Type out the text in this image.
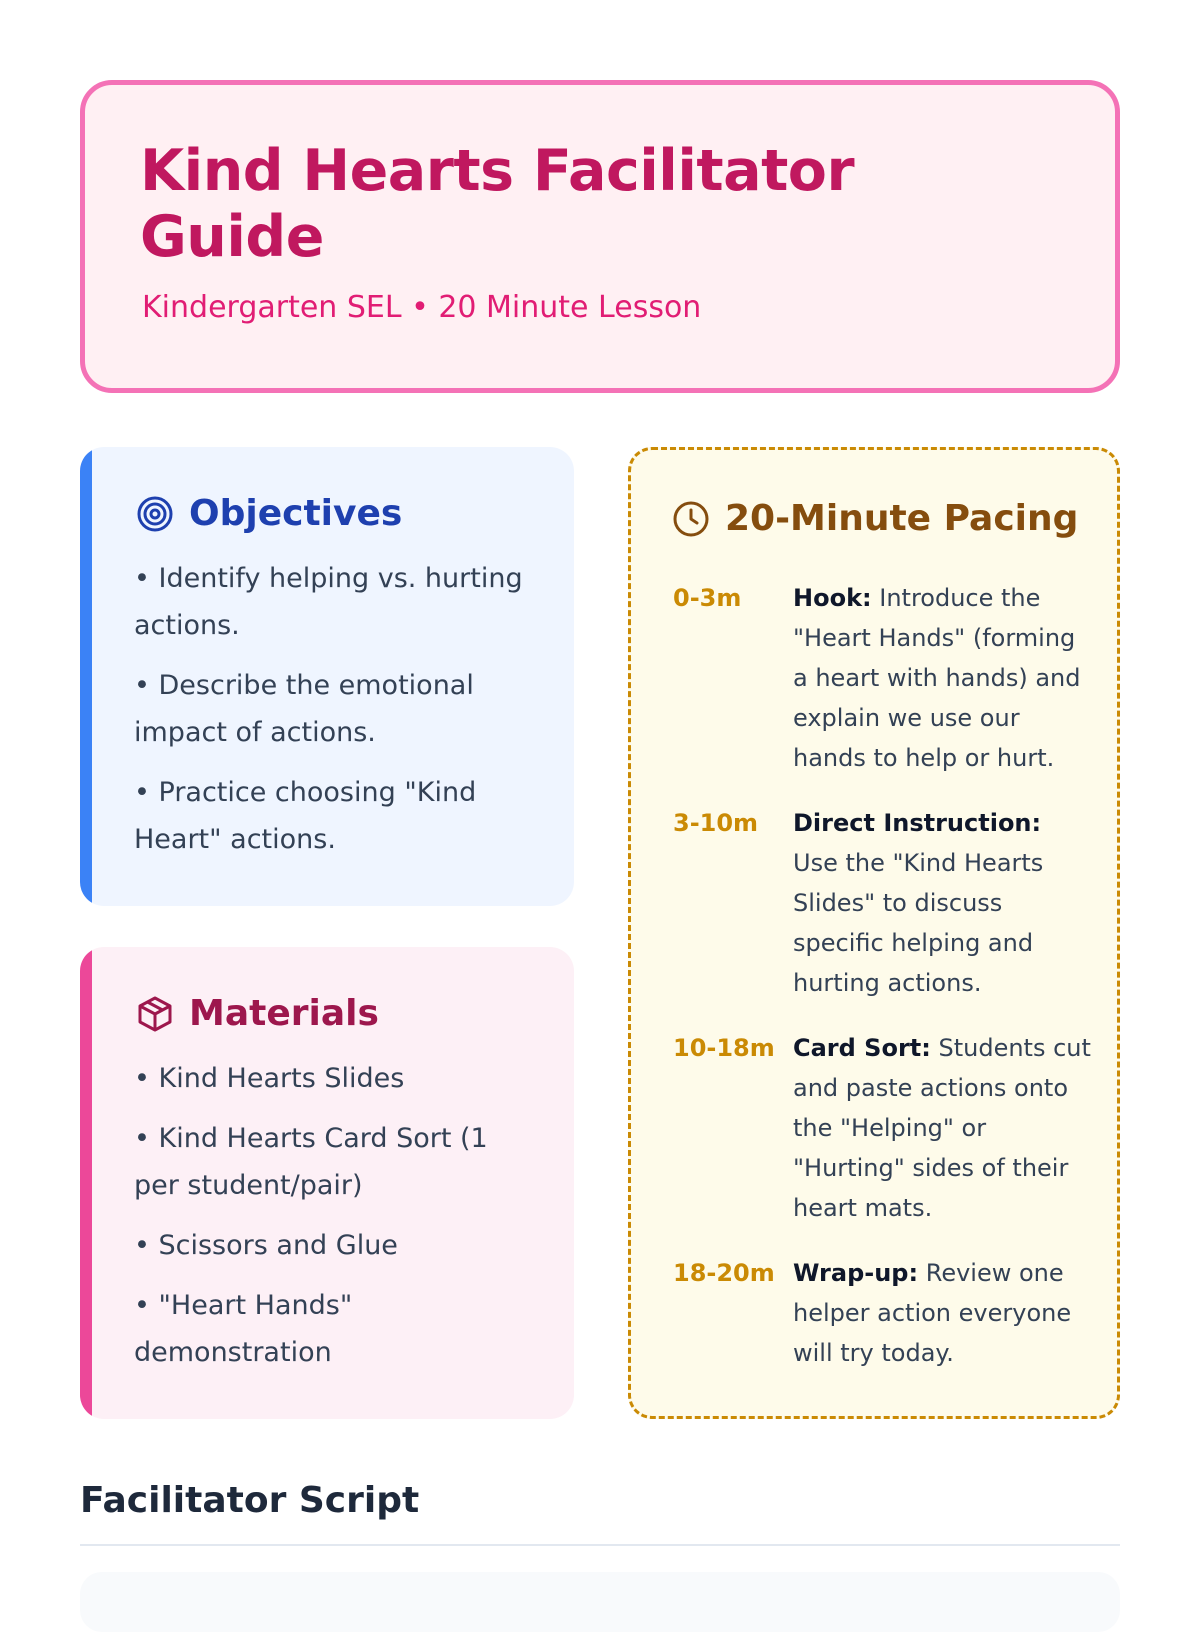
Kind Hearts Facilitator Guide
Kindergarten SEL • 20 Minute Lesson
Objectives
• Identify helping vs. hurting actions.
• Describe the emotional impact of actions.
• Practice choosing "Kind Heart" actions.
Materials
• Kind Hearts Slides
• Kind Hearts Card Sort (1 per student/pair)
• Scissors and Glue
• "Heart Hands" demonstration
20-Minute Pacing
0-3m	Hook: Introduce the "Heart Hands" (forming a heart with hands) and explain we use our hands to help or hurt.
3-10m	Direct Instruction: Use the "Kind Hearts Slides" to discuss specific helping and hurting actions.
10-18m Card Sort: Students cut and paste actions onto the "Helping" or "Hurting" sides of their heart mats.
18-20m Wrap-up: Review one helper action everyone will try today.
Facilitator Script
